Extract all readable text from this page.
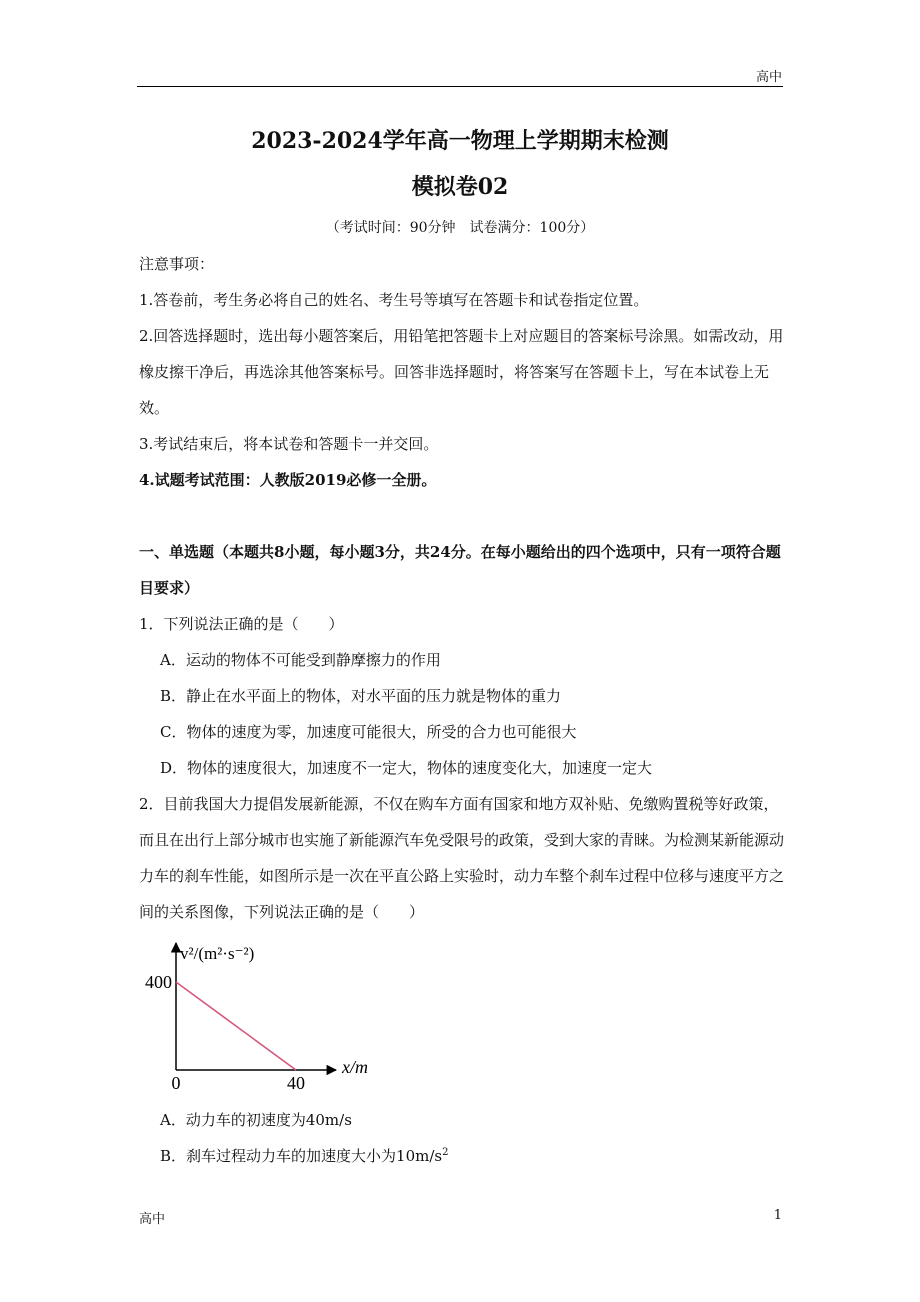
高中
2023-2024学年高一物理上学期期末检测
模拟卷02
（考试时间：90分钟　试卷满分：100分）
注意事项：
1.答卷前，考生务必将自己的姓名、考生号等填写在答题卡和试卷指定位置。
2.回答选择题时，选出每小题答案后，用铅笔把答题卡上对应题目的答案标号涂黑。如需改动，用橡皮擦干净后，再选涂其他答案标号。回答非选择题时，将答案写在答题卡上，写在本试卷上无效。
3.考试结束后，将本试卷和答题卡一并交回。
4.试题考试范围：人教版2019必修一全册。
一、单选题（本题共8小题，每小题3分，共24分。在每小题给出的四个选项中，只有一项符合题目要求）
1．下列说法正确的是（　　）
A．运动的物体不可能受到静摩擦力的作用
B．静止在水平面上的物体，对水平面的压力就是物体的重力
C．物体的速度为零，加速度可能很大，所受的合力也可能很大
D．物体的速度很大，加速度不一定大，物体的速度变化大，加速度一定大
2．目前我国大力提倡发展新能源，不仅在购车方面有国家和地方双补贴、免缴购置税等好政策，而且在出行上部分城市也实施了新能源汽车免受限号的政策，受到大家的青睐。为检测某新能源动力车的刹车性能，如图所示是一次在平直公路上实验时，动力车整个刹车过程中位移与速度平方之间的关系图像，下列说法正确的是（　　）
400
0	40
x/m
v²/(m²·s⁻²)
A．动力车的初速度为40m/s
B．刹车过程动力车的加速度大小为$10m/s^2$
高中	1
